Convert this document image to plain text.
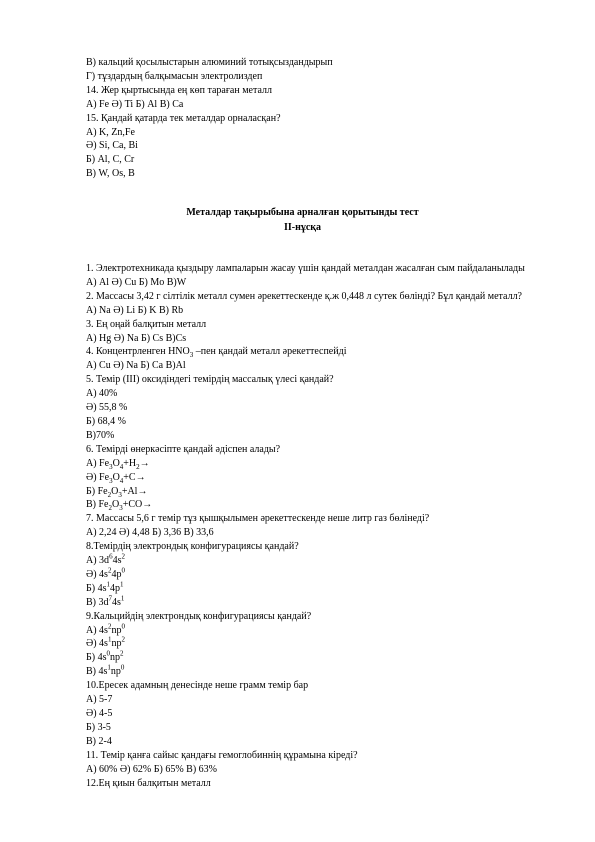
В) кальций қосылыстарын алюминий тотықсыздандырып
Г) тұздардың балқымасын электролиздеп
14. Жер қыртысында ең көп тараған металл
А) Fe Ә) Ti Б) Al В) Ca
15. Қандай қатарда тек металдар орналасқан?
А) K, Zn,Fe
Ә) Si, Ca, Bi
Б) Al, C, Cr
В) W, Os, B
Металдар тақырыбына арналған қорытынды тест
II-нұсқа
1. Электротехникада қыздыру лампаларын жасау үшін қандай металдан жасалған сым пайдаланылады
А) Al Ә) Cu Б) Mo В)W
2. Массасы 3,42 г сілтілік металл сумен әрекеттескенде қ.ж 0,448 л сутек бөлінді? Бұл қандай металл?
А) Na Ә) Li Б) K В) Rb
3. Ең оңай балқитын металл
А) Hg Ә) Na Б) Cs В)Cs
4. Концентрленген $HNO_3$ –пен қандай металл әрекеттеспейді
А) Cu Ә) Na Б) Ca В)Al
5. Темір (III) оксидіндегі темірдің массалық үлесі қандай?
А) 40%
Ә) 55,8 %
Б) 68,4 %
В)70%
6. Темірді өнеркәсіпте қандай әдіспен алады?
А) $Fe_3O_4+H_2\to$
Ә) $Fe_3O_4+C\to$
Б) $Fe_2O_3+Al\to$
В) $Fe_2O_3+CO\to$
7. Массасы 5,6 г темір тұз қышқылымен әрекеттескенде неше литр газ бөлінеді?
А) 2,24 Ә) 4,48 Б) 3,36 В) 33,6
8.Темірдің электрондық конфигурациясы қандай?
А) $3d^64s^2$
Ә) $4s^24p^0$
Б) $4s^14p^1$
В) $3d^74s^1$
9.Кальцийдің электрондық конфигурациясы қандай?
А) $4s^2np^0$
Ә) $4s^1np^2$
Б) $4s^0np^2$
В) $4s^1np^0$
10.Ересек адамның денесінде неше грамм темір бар
А) 5-7
Ә) 4-5
Б) 3-5
В) 2-4
11. Темір қанға сайыс қандағы гемоглобиннің құрамына кіреді?
А) 60% Ә) 62% Б) 65% В) 63%
12.Ең қиын балқитын металл
